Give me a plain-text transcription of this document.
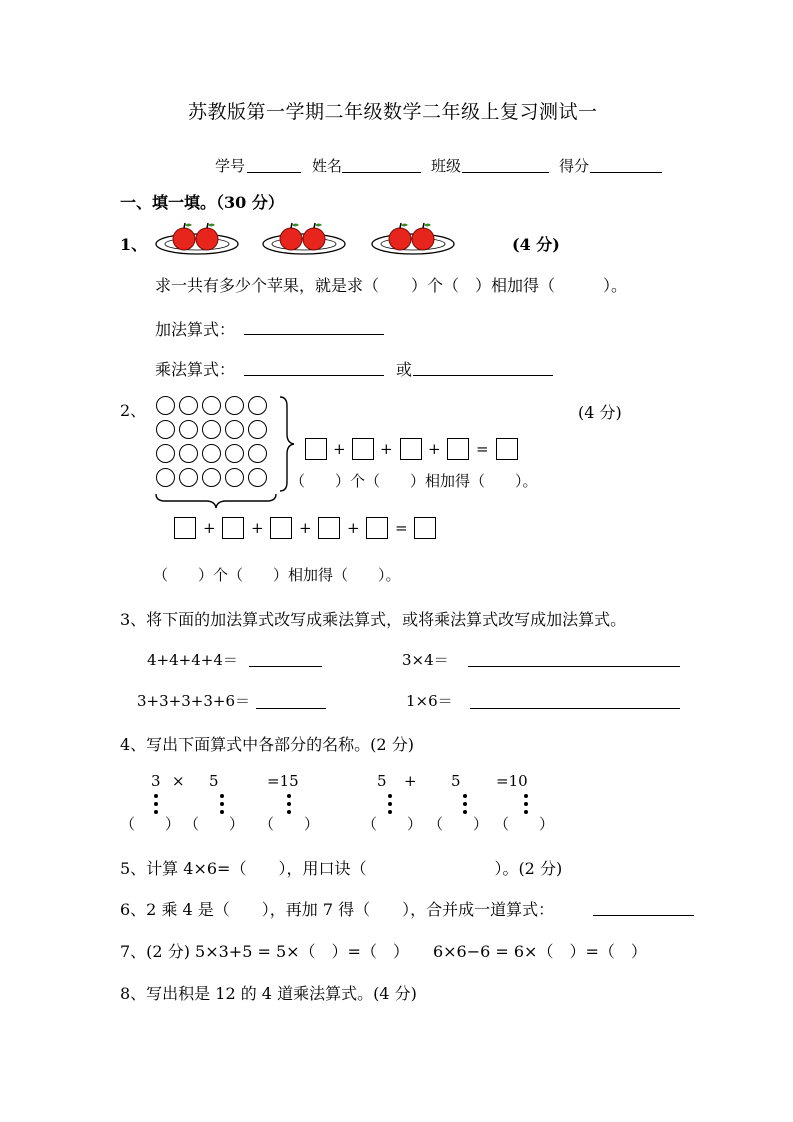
苏教版第一学期二年级数学二年级上复习测试一
学号	姓名	班级	得分
一、填一填。（30 分）
1、	(4 分)
求一共有多少个苹果，就是求（　　）个（　）相加得（　　　）。
加法算式：
乘法算式：	或
2、	(4 分)
+ + + =
（　　）个（　　）相加得（　　）。
+ + + + =
（　　）个（　　）相加得（　　）。
3、将下面的加法算式改写成乘法算式，或将乘法算式改写成加法算式。
4+4+4+4＝	3×4＝
3+3+3+3+6＝	1×6＝
4、写出下面算式中各部分的名称。(2 分)
3 × 5	=15	5 + 5 =10
（　　） （　　） （　　）	（　　） （　　） （　　）
5、计算 4×6=（　　），用口诀（　　　　　　　　）。(2 分)
6、2 乘 4 是（　　），再加 7 得（　　），合并成一道算式：
7、(2 分) 5×3+5 = 5×（　）=（　）　　6×6−6 = 6×（　）=（　）
8、写出积是 12 的 4 道乘法算式。(4 分)
